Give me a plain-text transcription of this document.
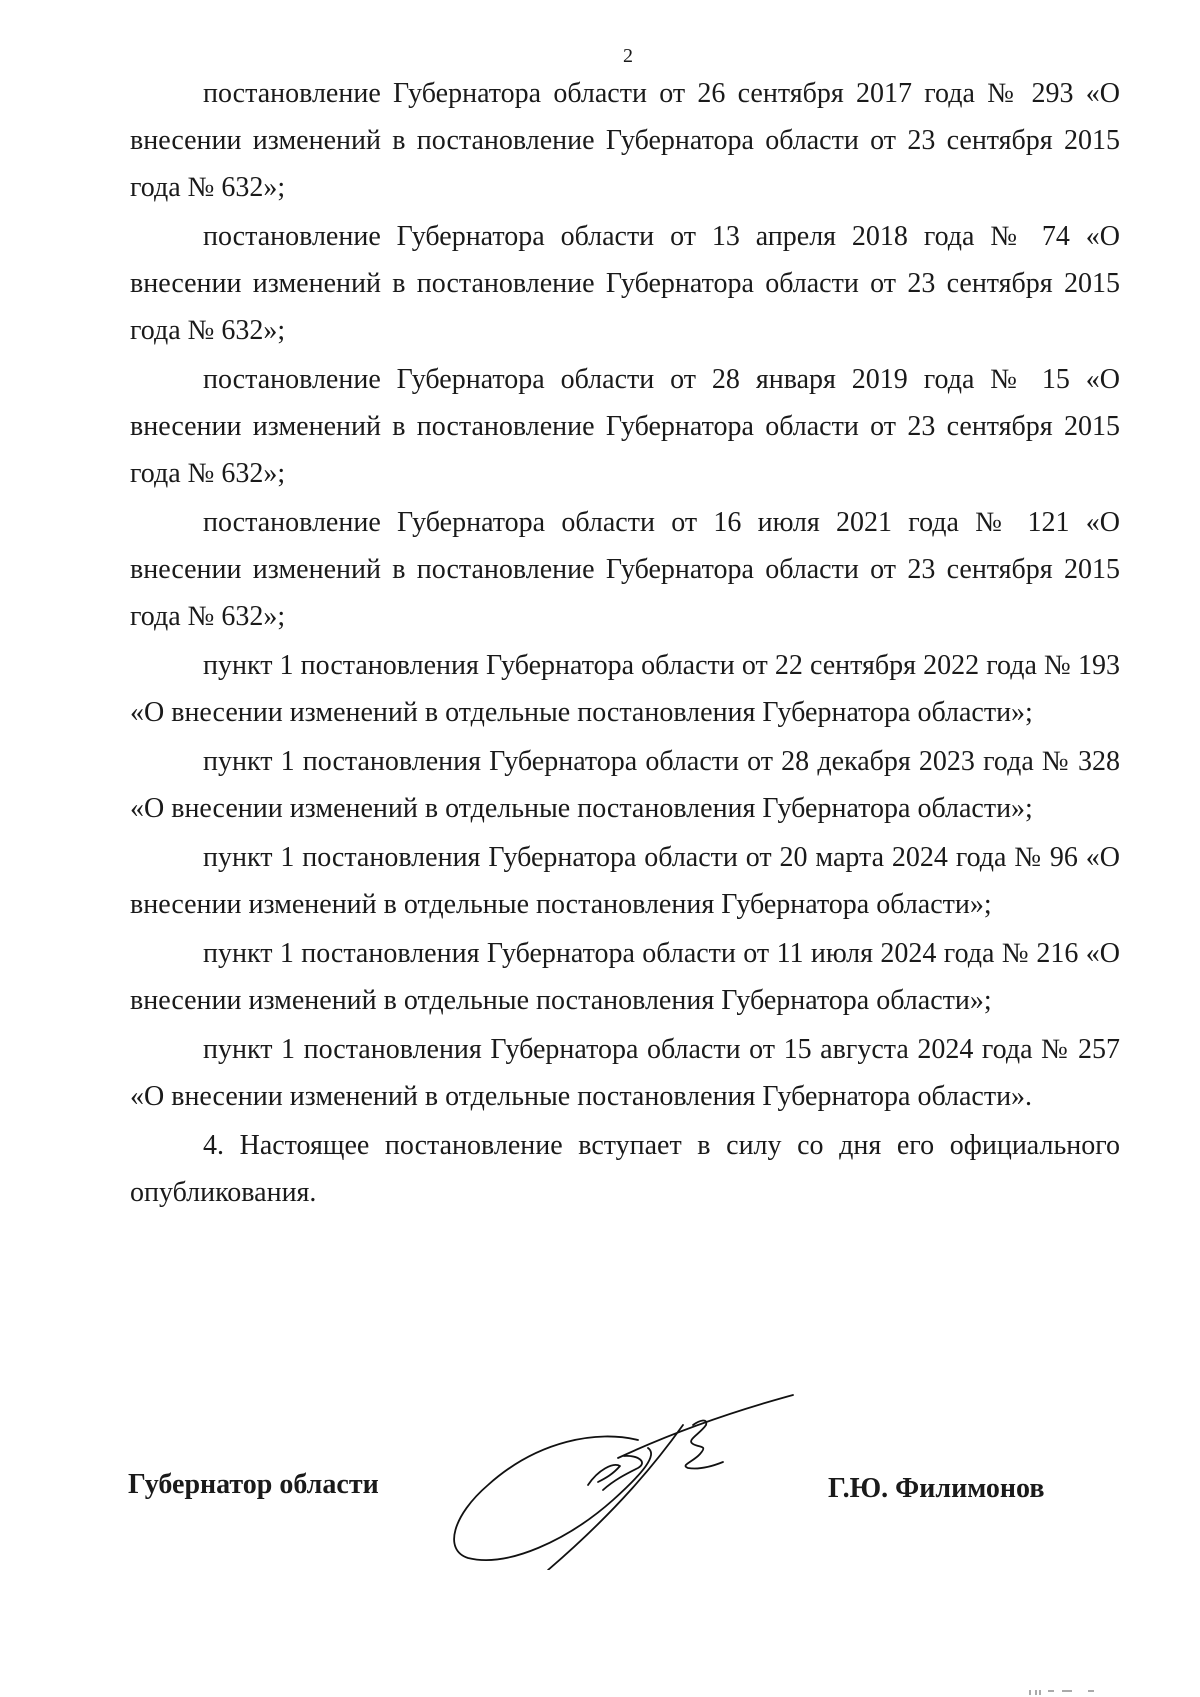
2

постановление Губернатора области от 26 сентября 2017 года № 293 «О внесении изменений в постановление Губернатора области от 23 сентября 2015 года № 632»;

постановление Губернатора области от 13 апреля 2018 года № 74 «О внесении изменений в постановление Губернатора области от 23 сентября 2015 года № 632»;

постановление Губернатора области от 28 января 2019 года № 15 «О внесении изменений в постановление Губернатора области от 23 сентября 2015 года № 632»;

постановление Губернатора области от 16 июля 2021 года № 121 «О внесении изменений в постановление Губернатора области от 23 сентября 2015 года № 632»;

пункт 1 постановления Губернатора области от 22 сентября 2022 года № 193 «О внесении изменений в отдельные постановления Губернатора области»;

пункт 1 постановления Губернатора области от 28 декабря 2023 года № 328 «О внесении изменений в отдельные постановления Губернатора области»;

пункт 1 постановления Губернатора области от 20 марта 2024 года № 96 «О внесении изменений в отдельные постановления Губернатора области»;

пункт 1 постановления Губернатора области от 11 июля 2024 года № 216 «О внесении изменений в отдельные постановления Губернатора области»;

пункт 1 постановления Губернатора области от 15 августа 2024 года № 257 «О внесении изменений в отдельные постановления Губернатора области».

4. Настоящее постановление вступает в силу со дня его официального опубликования.

Губернатор области	Г.Ю. Филимонов
